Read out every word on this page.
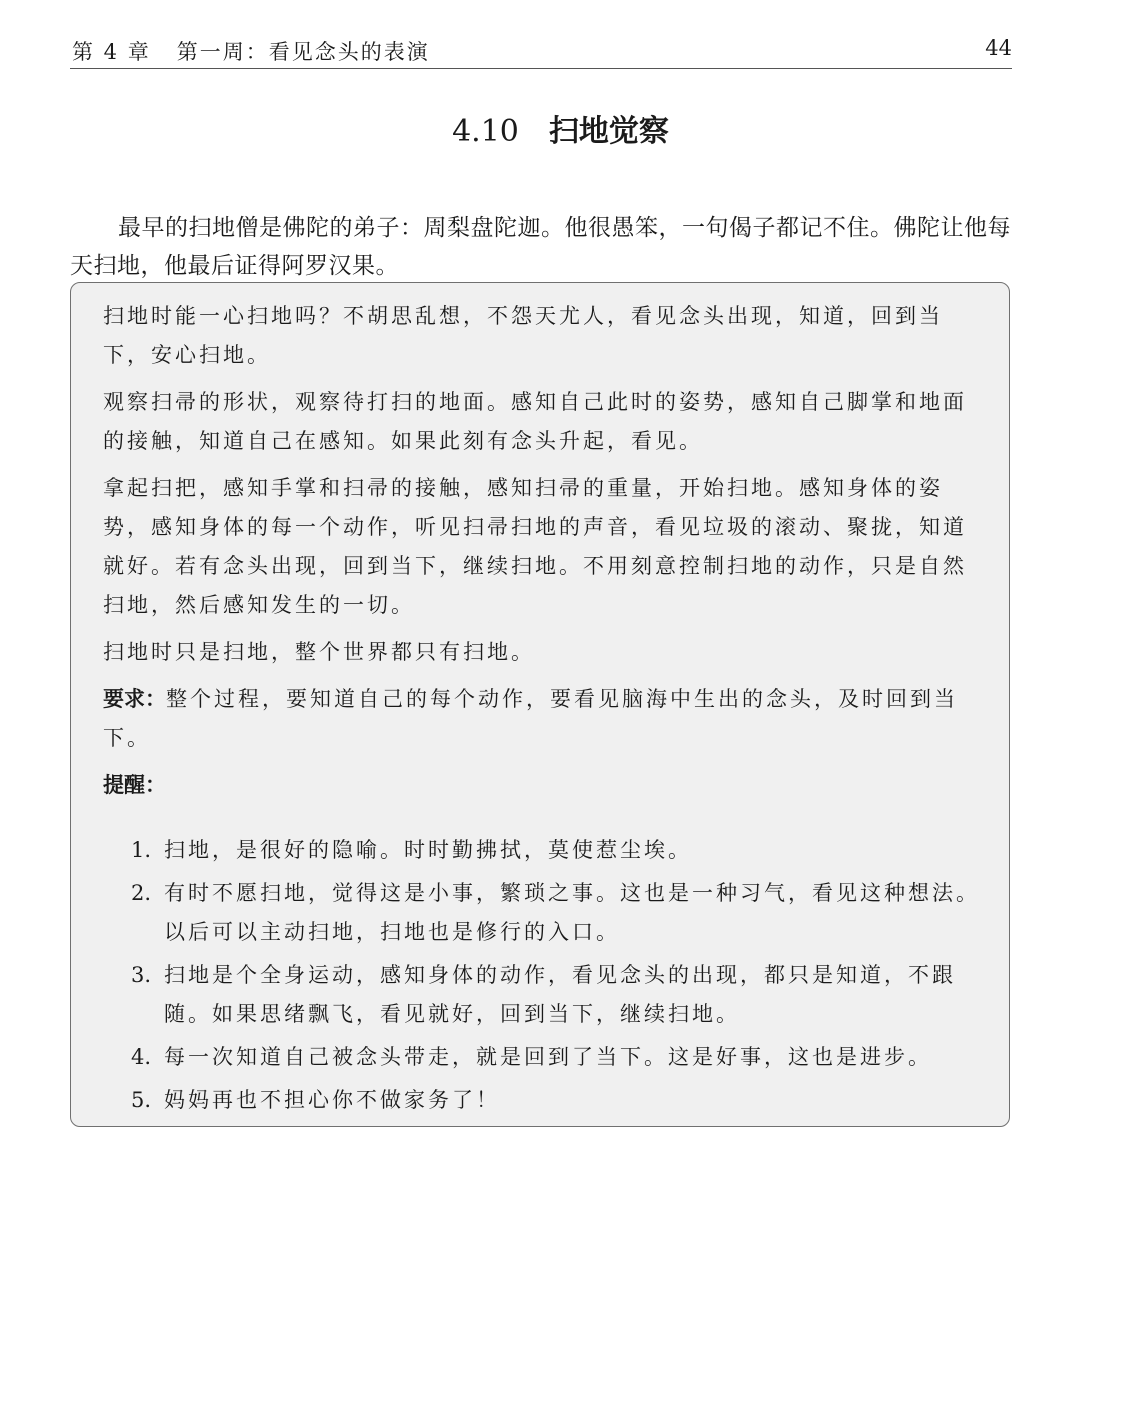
第 4 章 第一周：看见念头的表演	44
4.10 扫地觉察

最早的扫地僧是佛陀的弟子：周梨盘陀迦。他很愚笨，一句偈子都记不住。佛陀让他每天扫地，他最后证得阿罗汉果。

扫地时能一心扫地吗？不胡思乱想，不怨天尤人，看见念头出现，知道，回到当下，安心扫地。

观察扫帚的形状，观察待打扫的地面。感知自己此时的姿势，感知自己脚掌和地面的接触，知道自己在感知。如果此刻有念头升起，看见。

拿起扫把，感知手掌和扫帚的接触，感知扫帚的重量，开始扫地。感知身体的姿势，感知身体的每一个动作，听见扫帚扫地的声音，看见垃圾的滚动、聚拢，知道就好。若有念头出现，回到当下，继续扫地。不用刻意控制扫地的动作，只是自然扫地，然后感知发生的一切。

扫地时只是扫地，整个世界都只有扫地。

要求：整个过程，要知道自己的每个动作，要看见脑海中生出的念头，及时回到当下。

提醒：

1. 扫地，是很好的隐喻。时时勤拂拭，莫使惹尘埃。
2. 有时不愿扫地，觉得这是小事，繁琐之事。这也是一种习气，看见这种想法。以后可以主动扫地，扫地也是修行的入口。
3. 扫地是个全身运动，感知身体的动作，看见念头的出现，都只是知道，不跟随。如果思绪飘飞，看见就好，回到当下，继续扫地。
4. 每一次知道自己被念头带走，就是回到了当下。这是好事，这也是进步。
5. 妈妈再也不担心你不做家务了！
